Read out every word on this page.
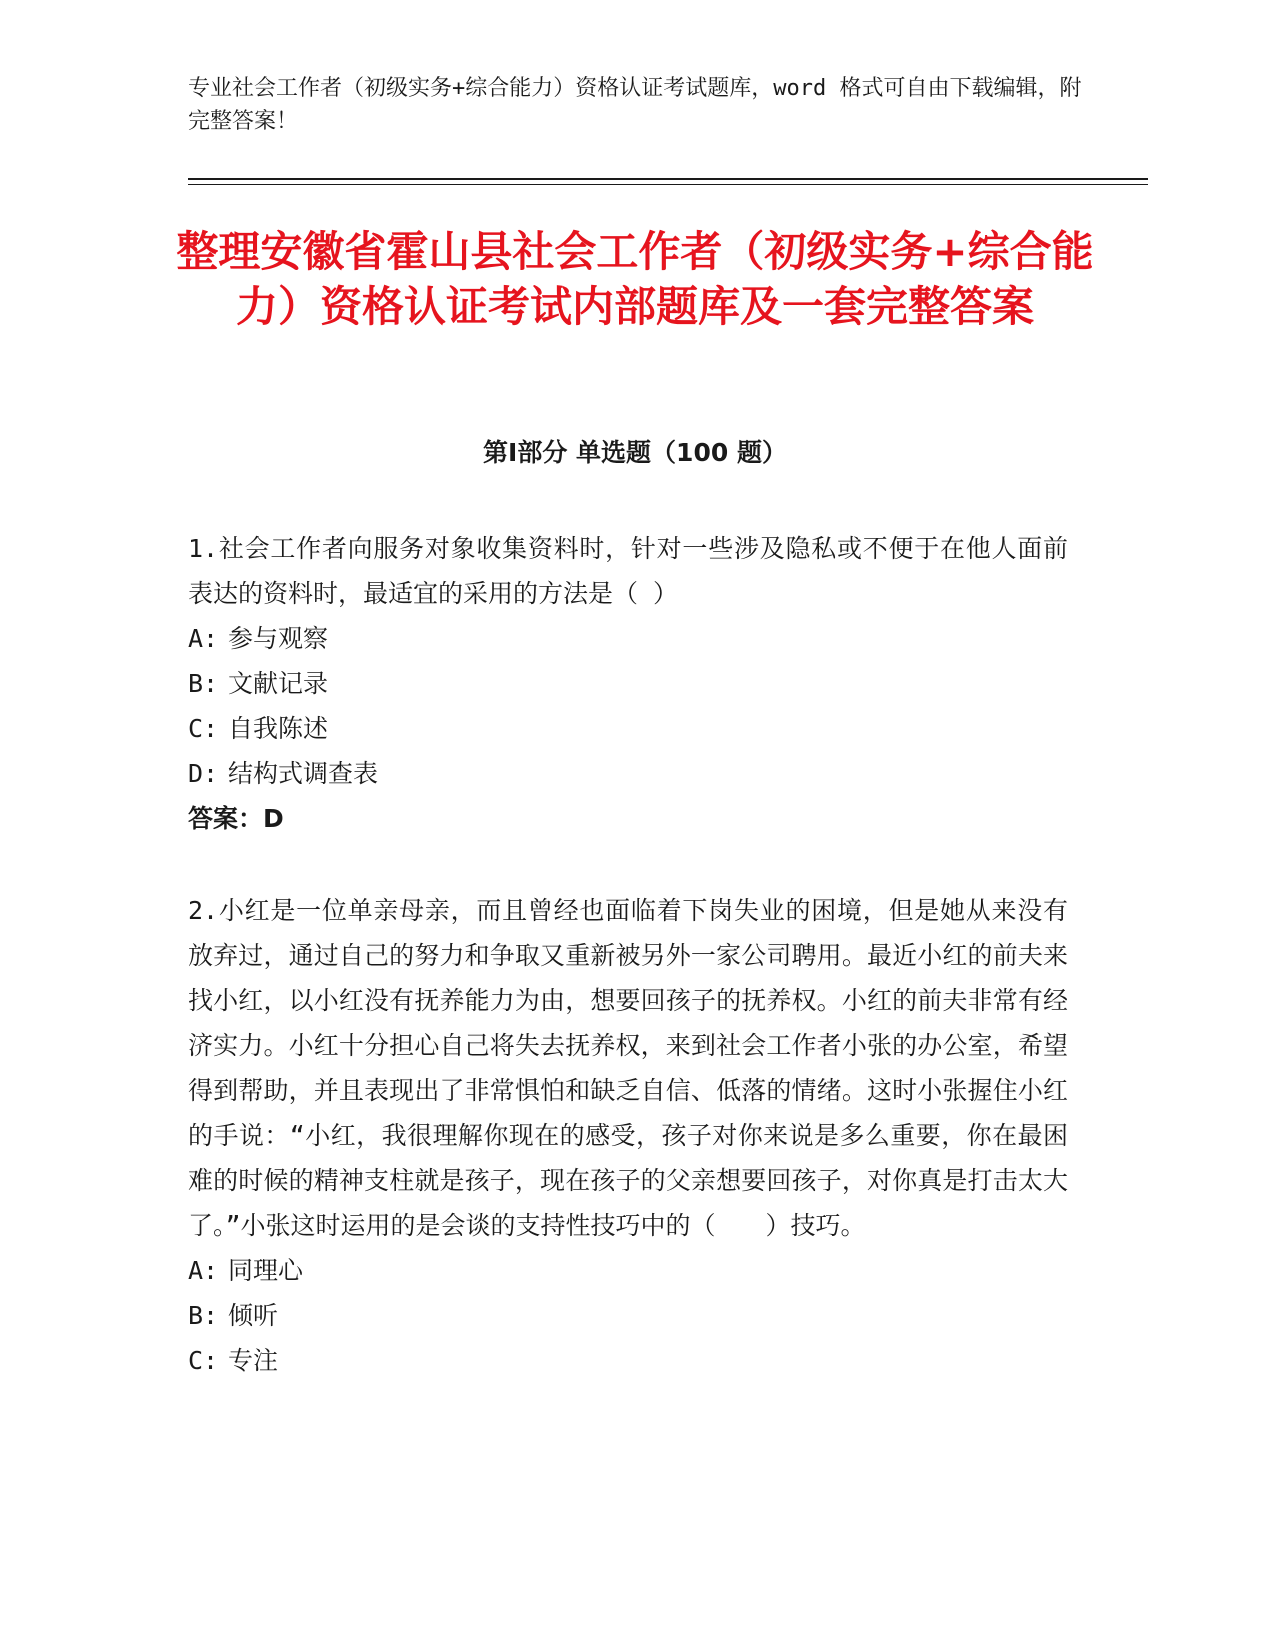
专业社会工作者（初级实务+综合能力）资格认证考试题库，word 格式可自由下载编辑，附完整答案！
整理安徽省霍山县社会工作者（初级实务+综合能力）资格认证考试内部题库及一套完整答案
第Ⅰ部分 单选题（100 题）

1.社会工作者向服务对象收集资料时，针对一些涉及隐私或不便于在他人面前表达的资料时，最适宜的采用的方法是（ ）

A: 参与观察

B: 文献记录

C: 自我陈述

D: 结构式调查表

答案：D

2.小红是一位单亲母亲，而且曾经也面临着下岗失业的困境，但是她从来没有放弃过，通过自己的努力和争取又重新被另外一家公司聘用。最近小红的前夫来找小红，以小红没有抚养能力为由，想要回孩子的抚养权。小红的前夫非常有经济实力。小红十分担心自己将失去抚养权，来到社会工作者小张的办公室，希望得到帮助，并且表现出了非常惧怕和缺乏自信、低落的情绪。这时小张握住小红的手说：“小红，我很理解你现在的感受，孩子对你来说是多么重要，你在最困难的时候的精神支柱就是孩子，现在孩子的父亲想要回孩子，对你真是打击太大了。”小张这时运用的是会谈的支持性技巧中的（　　）技巧。

A: 同理心

B: 倾听

C: 专注
